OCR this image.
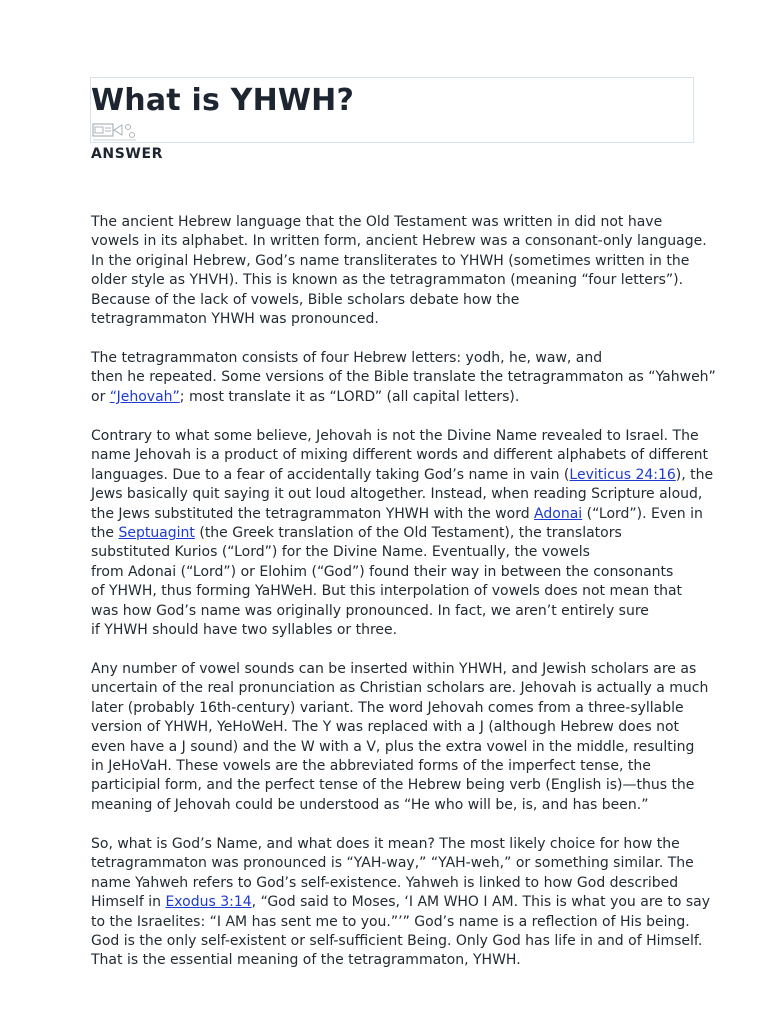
What is YHWH?
ANSWER
The ancient Hebrew language that the Old Testament was written in did not have
vowels in its alphabet. In written form, ancient Hebrew was a consonant-only language.
In the original Hebrew, God’s name transliterates to YHWH (sometimes written in the
older style as YHVH). This is known as the tetragrammaton (meaning “four letters”).
Because of the lack of vowels, Bible scholars debate how the
tetragrammaton YHWH was pronounced.
The tetragrammaton consists of four Hebrew letters: yodh, he, waw, and
then he repeated. Some versions of the Bible translate the tetragrammaton as “Yahweh”
or “Jehovah”; most translate it as “LORD” (all capital letters).
Contrary to what some believe, Jehovah is not the Divine Name revealed to Israel. The
name Jehovah is a product of mixing different words and different alphabets of different
languages. Due to a fear of accidentally taking God’s name in vain (Leviticus 24:16), the
Jews basically quit saying it out loud altogether. Instead, when reading Scripture aloud,
the Jews substituted the tetragrammaton YHWH with the word Adonai (“Lord”). Even in
the Septuagint (the Greek translation of the Old Testament), the translators
substituted Kurios (“Lord”) for the Divine Name. Eventually, the vowels
from Adonai (“Lord”) or Elohim (“God”) found their way in between the consonants
of YHWH, thus forming YaHWeH. But this interpolation of vowels does not mean that
was how God’s name was originally pronounced. In fact, we aren’t entirely sure
if YHWH should have two syllables or three.
Any number of vowel sounds can be inserted within YHWH, and Jewish scholars are as
uncertain of the real pronunciation as Christian scholars are. Jehovah is actually a much
later (probably 16th-century) variant. The word Jehovah comes from a three-syllable
version of YHWH, YeHoWeH. The Y was replaced with a J (although Hebrew does not
even have a J sound) and the W with a V, plus the extra vowel in the middle, resulting
in JeHoVaH. These vowels are the abbreviated forms of the imperfect tense, the
participial form, and the perfect tense of the Hebrew being verb (English is)—thus the
meaning of Jehovah could be understood as “He who will be, is, and has been.”
So, what is God’s Name, and what does it mean? The most likely choice for how the
tetragrammaton was pronounced is “YAH-way,” “YAH-weh,” or something similar. The
name Yahweh refers to God’s self-existence. Yahweh is linked to how God described
Himself in Exodus 3:14, “God said to Moses, ‘I AM WHO I AM. This is what you are to say
to the Israelites: “I AM has sent me to you.”’” God’s name is a reflection of His being.
God is the only self-existent or self-sufficient Being. Only God has life in and of Himself.
That is the essential meaning of the tetragrammaton, YHWH.
